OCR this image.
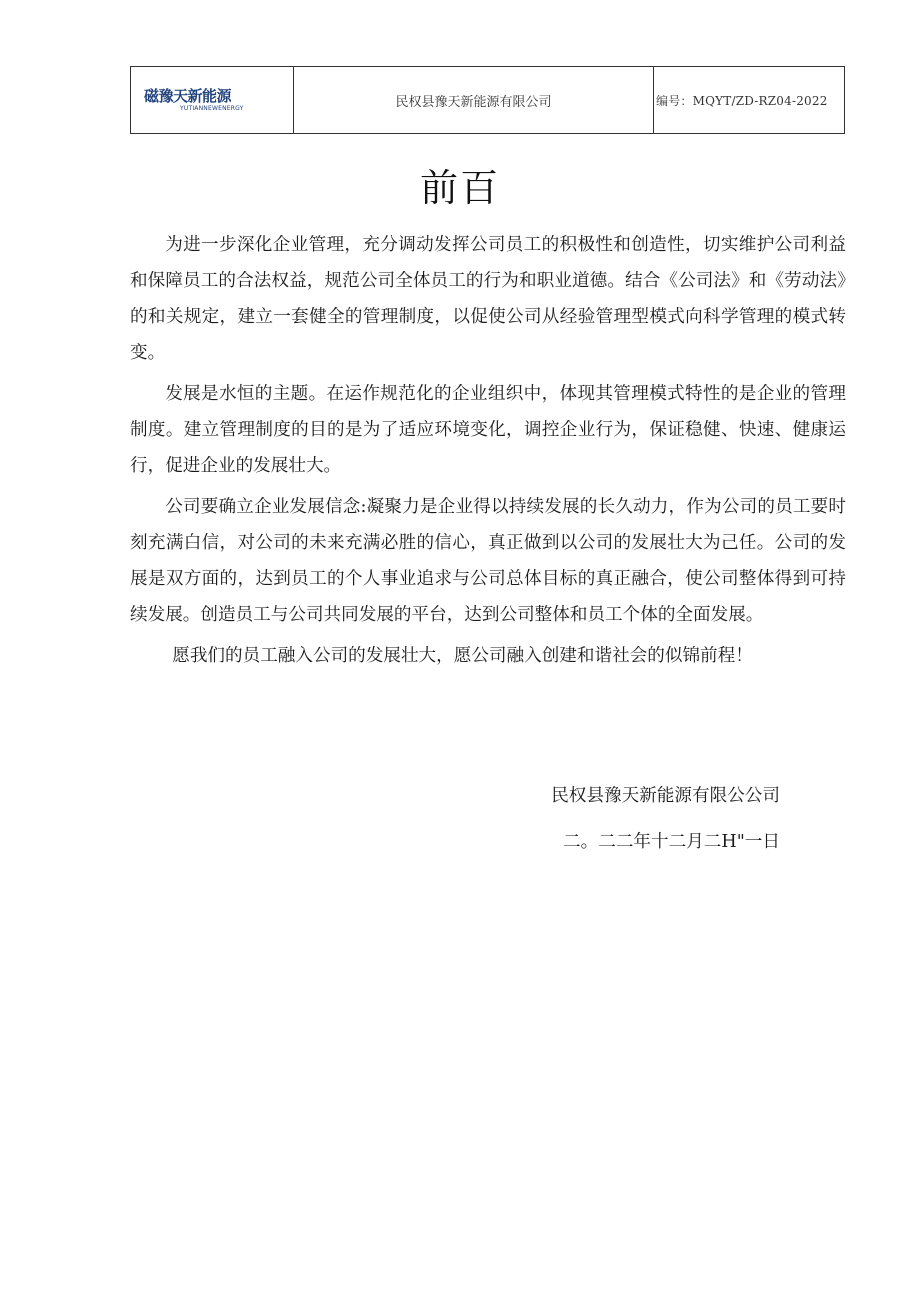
磁豫天新能源
YUTIANNEWENERGY	民权县豫天新能源有限公司	编号：MQYT/ZD-RZ04-2022
前百

为进一步深化企业管理，充分调动发挥公司员工的积极性和创造性，切实维护公司利益和保障员工的合法权益，规范公司全体员工的行为和职业道德。结合《公司法》和《劳动法》的和关规定，建立一套健全的管理制度，以促使公司从经验管理型模式向科学管理的模式转变。

发展是水恒的主题。在运作规范化的企业组织中，体现其管理模式特性的是企业的管理制度。建立管理制度的目的是为了适应环境变化，调控企业行为，保证稳健、快速、健康运行，促进企业的发展壮大。

公司要确立企业发展信念:凝聚力是企业得以持续发展的长久动力，作为公司的员工要时刻充满白信，对公司的未来充满必胜的信心，真正做到以公司的发展壮大为己任。公司的发展是双方面的，达到员工的个人事业追求与公司总体目标的真正融合，使公司整体得到可持续发展。创造员工与公司共同发展的平台，达到公司整体和员工个体的全面发展。

愿我们的员工融入公司的发展壮大，愿公司融入创建和谐社会的似锦前程！

民权县豫天新能源有限公公司
二。二二年十二月二H"一日
